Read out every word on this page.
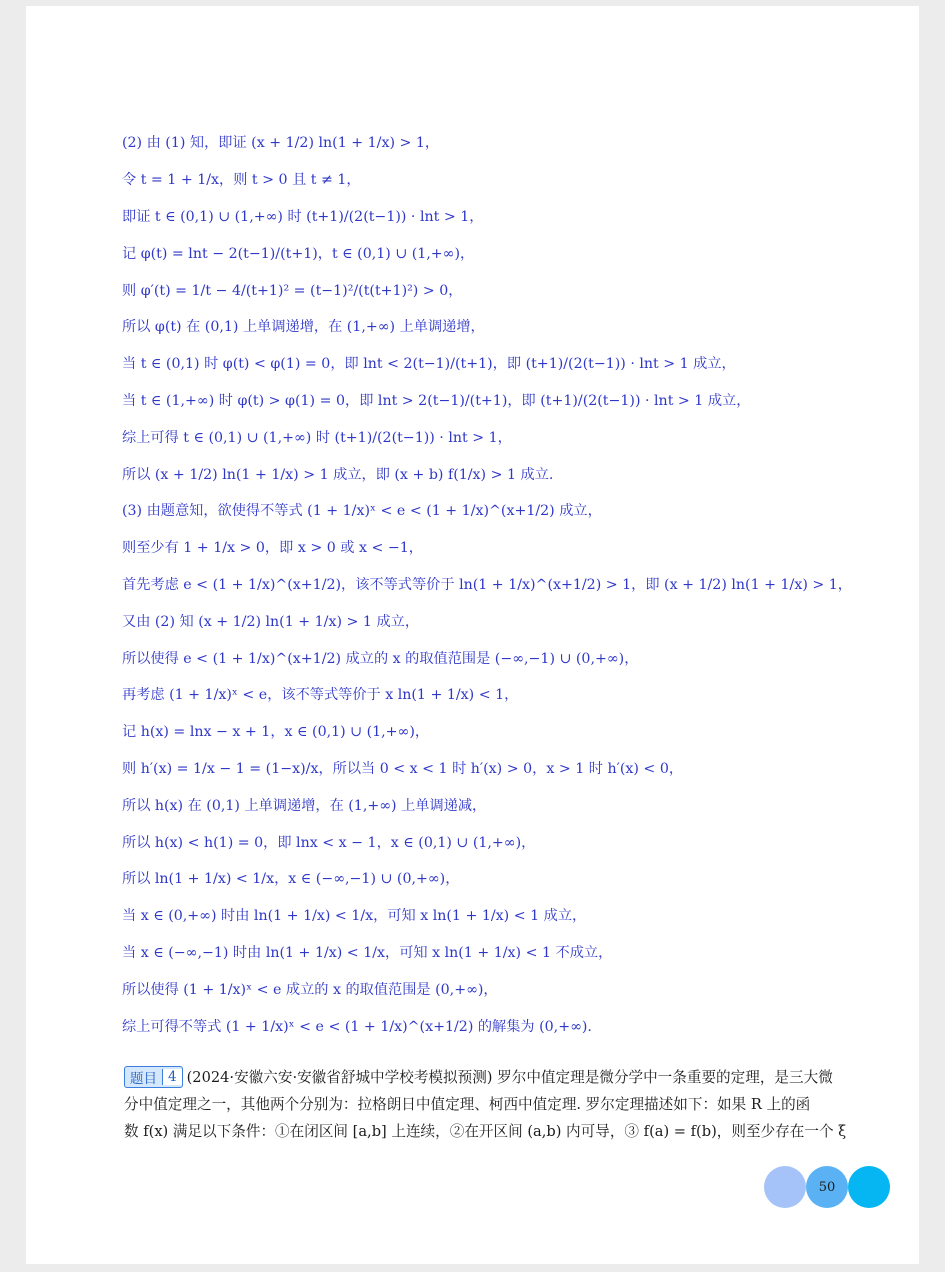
(2) 由 (1) 知，即证 (x + 1/2) ln(1 + 1/x) > 1，
令 t = 1 + 1/x，则 t > 0 且 t ≠ 1，
即证 t ∈ (0,1) ∪ (1,+∞) 时 (t+1)/(2(t−1)) · lnt > 1，
记 φ(t) = lnt − 2(t−1)/(t+1)，t ∈ (0,1) ∪ (1,+∞)，
则 φ′(t) = 1/t − 4/(t+1)² = (t−1)²/(t(t+1)²) > 0，
所以 φ(t) 在 (0,1) 上单调递增，在 (1,+∞) 上单调递增，
当 t ∈ (0,1) 时 φ(t) < φ(1) = 0，即 lnt < 2(t−1)/(t+1)，即 (t+1)/(2(t−1)) · lnt > 1 成立，
当 t ∈ (1,+∞) 时 φ(t) > φ(1) = 0，即 lnt > 2(t−1)/(t+1)，即 (t+1)/(2(t−1)) · lnt > 1 成立，
综上可得 t ∈ (0,1) ∪ (1,+∞) 时 (t+1)/(2(t−1)) · lnt > 1，
所以 (x + 1/2) ln(1 + 1/x) > 1 成立，即 (x + b) f(1/x) > 1 成立.
(3) 由题意知，欲使得不等式 (1 + 1/x)ˣ < e < (1 + 1/x)^(x+1/2) 成立，
则至少有 1 + 1/x > 0，即 x > 0 或 x < −1，
首先考虑 e < (1 + 1/x)^(x+1/2)，该不等式等价于 ln(1 + 1/x)^(x+1/2) > 1，即 (x + 1/2) ln(1 + 1/x) > 1，
又由 (2) 知 (x + 1/2) ln(1 + 1/x) > 1 成立，
所以使得 e < (1 + 1/x)^(x+1/2) 成立的 x 的取值范围是 (−∞,−1) ∪ (0,+∞)，
再考虑 (1 + 1/x)ˣ < e，该不等式等价于 x ln(1 + 1/x) < 1，
记 h(x) = lnx − x + 1，x ∈ (0,1) ∪ (1,+∞)，
则 h′(x) = 1/x − 1 = (1−x)/x，所以当 0 < x < 1 时 h′(x) > 0，x > 1 时 h′(x) < 0，
所以 h(x) 在 (0,1) 上单调递增，在 (1,+∞) 上单调递减，
所以 h(x) < h(1) = 0，即 lnx < x − 1，x ∈ (0,1) ∪ (1,+∞)，
所以 ln(1 + 1/x) < 1/x，x ∈ (−∞,−1) ∪ (0,+∞)，
当 x ∈ (0,+∞) 时由 ln(1 + 1/x) < 1/x，可知 x ln(1 + 1/x) < 1 成立，
当 x ∈ (−∞,−1) 时由 ln(1 + 1/x) < 1/x，可知 x ln(1 + 1/x) < 1 不成立，
所以使得 (1 + 1/x)ˣ < e 成立的 x 的取值范围是 (0,+∞)，
综上可得不等式 (1 + 1/x)ˣ < e < (1 + 1/x)^(x+1/2) 的解集为 (0,+∞).
题目 4 (2024·安徽六安·安徽省舒城中学校考模拟预测) 罗尔中值定理是微分学中一条重要的定理，是三大微
分中值定理之一，其他两个分别为：拉格朗日中值定理、柯西中值定理. 罗尔定理描述如下：如果 R 上的函
数 f(x) 满足以下条件：①在闭区间 [a,b] 上连续，②在开区间 (a,b) 内可导，③ f(a) = f(b)，则至少存在一个 ξ
50
